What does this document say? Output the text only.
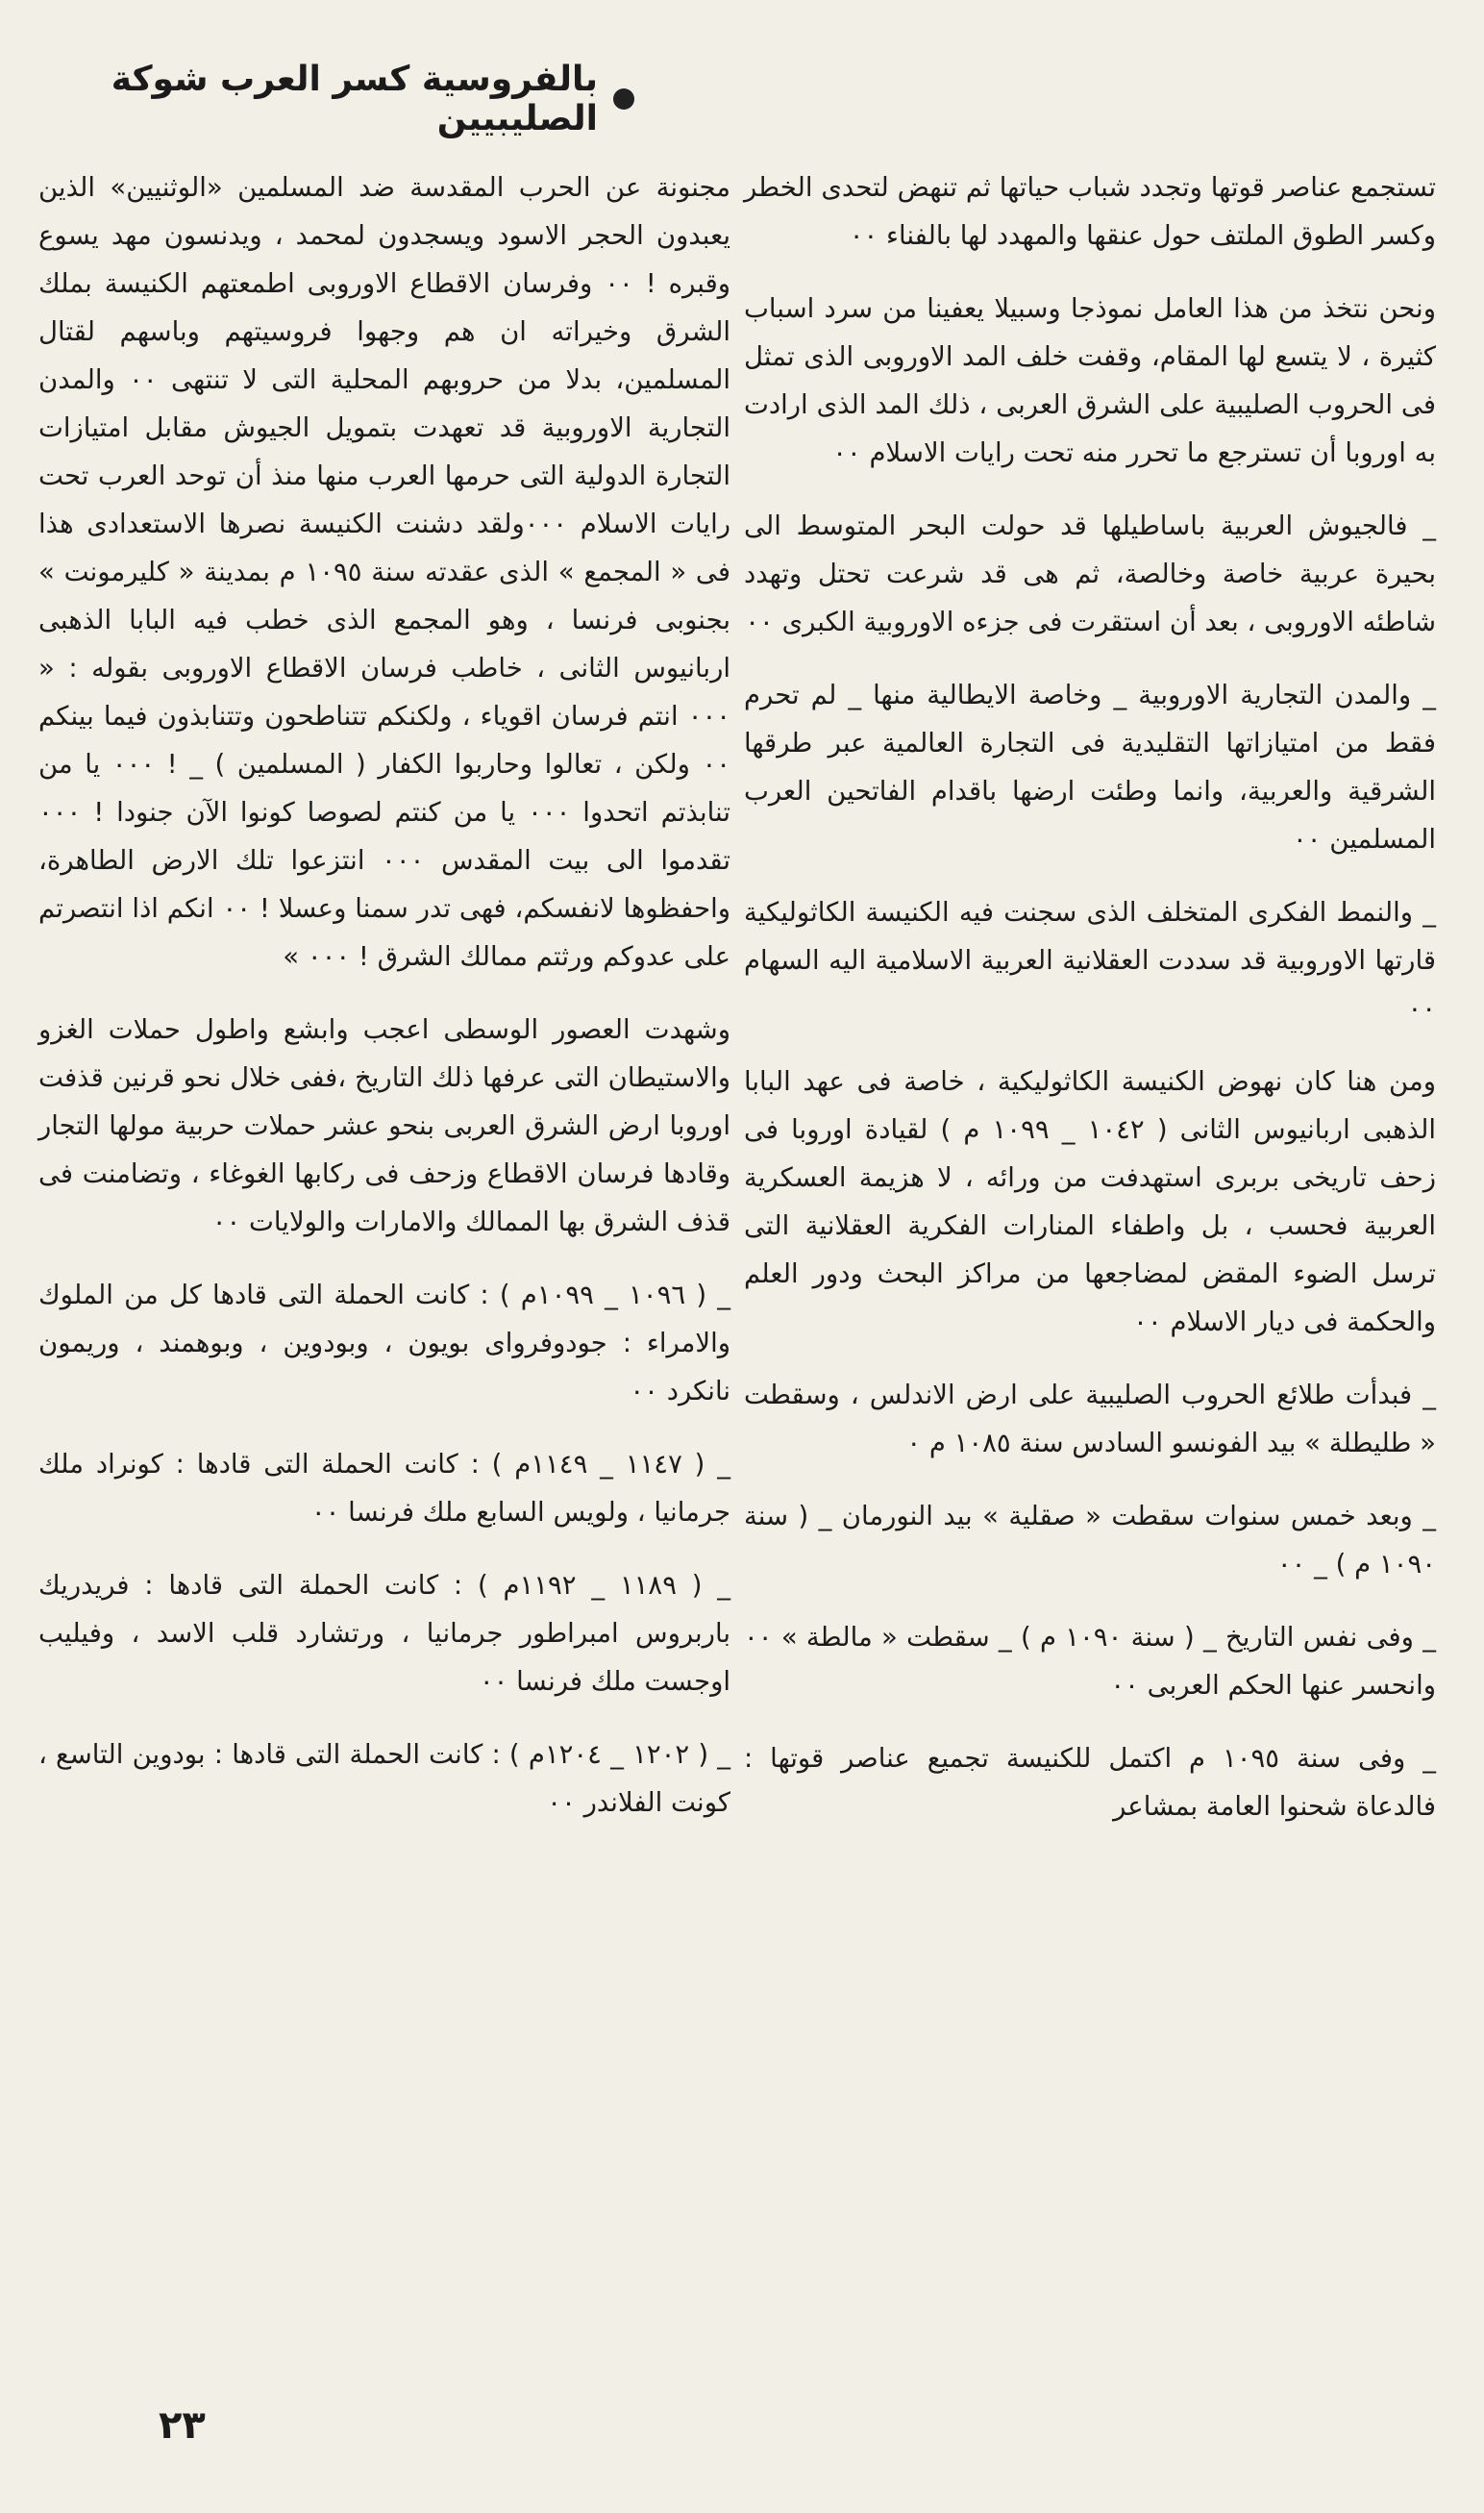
بالفروسية كسر العرب شوكة الصليبيين

تستجمع عناصر قوتها وتجدد شباب حياتها ثم تنهض لتحدى الخطر وكسر الطوق الملتف حول عنقها والمهدد لها بالفناء ٠٠

ونحن نتخذ من هذا العامل نموذجا وسبيلا يعفينا من سرد اسباب كثيرة ، لا يتسع لها المقام، وقفت خلف المد الاوروبى الذى تمثل فى الحروب الصليبية على الشرق العربى ، ذلك المد الذى ارادت به اوروبا أن تسترجع ما تحرر منه تحت رايات الاسلام ٠٠

_ فالجيوش العربية باساطيلها قد حولت البحر المتوسط الى بحيرة عربية خاصة وخالصة، ثم هى قد شرعت تحتل وتهدد شاطئه الاوروبى ، بعد أن استقرت فى جزءه الاوروبية الكبرى ٠٠

_ والمدن التجارية الاوروبية _ وخاصة الايطالية منها _ لم تحرم فقط من امتيازاتها التقليدية فى التجارة العالمية عبر طرقها الشرقية والعربية، وانما وطئت ارضها باقدام الفاتحين العرب المسلمين ٠٠

_ والنمط الفكرى المتخلف الذى سجنت فيه الكنيسة الكاثوليكية قارتها الاوروبية قد سددت العقلانية العربية الاسلامية اليه السهام ٠٠

ومن هنا كان نهوض الكنيسة الكاثوليكية ، خاصة فى عهد البابا الذهبى اربانيوس الثانى ( ١٠٤٢ _ ١٠٩٩ م ) لقيادة اوروبا فى زحف تاريخى بربرى استهدفت من ورائه ، لا هزيمة العسكرية العربية فحسب ، بل واطفاء المنارات الفكرية العقلانية التى ترسل الضوء المقض لمضاجعها من مراكز البحث ودور العلم والحكمة فى ديار الاسلام ٠٠

_ فبدأت طلائع الحروب الصليبية على ارض الاندلس ، وسقطت « طليطلة » بيد الفونسو السادس سنة ١٠٨٥ م ٠

_ وبعد خمس سنوات سقطت « صقلية » بيد النورمان _ ( سنة ١٠٩٠ م ) _ ٠٠

_ وفى نفس التاريخ _ ( سنة ١٠٩٠ م ) _ سقطت « مالطة » ٠٠ وانحسر عنها الحكم العربى ٠٠

_ وفى سنة ١٠٩٥ م اكتمل للكنيسة تجميع عناصر قوتها : فالدعاة شحنوا العامة بمشاعر

مجنونة عن الحرب المقدسة ضد المسلمين «الوثنيين» الذين يعبدون الحجر الاسود ويسجدون لمحمد ، ويدنسون مهد يسوع وقبره ! ٠٠ وفرسان الاقطاع الاوروبى اطمعتهم الكنيسة بملك الشرق وخيراته ان هم وجهوا فروسيتهم وباسهم لقتال المسلمين، بدلا من حروبهم المحلية التى لا تنتهى ٠٠ والمدن التجارية الاوروبية قد تعهدت بتمويل الجيوش مقابل امتيازات التجارة الدولية التى حرمها العرب منها منذ أن توحد العرب تحت رايات الاسلام ٠٠٠ولقد دشنت الكنيسة نصرها الاستعدادى هذا فى « المجمع » الذى عقدته سنة ١٠٩٥ م بمدينة « كليرمونت » بجنوبى فرنسا ، وهو المجمع الذى خطب فيه البابا الذهبى اربانيوس الثانى ، خاطب فرسان الاقطاع الاوروبى بقوله : « ٠٠٠ انتم فرسان اقوياء ، ولكنكم تتناطحون وتتنابذون فيما بينكم ٠٠ ولكن ، تعالوا وحاربوا الكفار ( المسلمين ) _ ! ٠٠٠ يا من تنابذتم اتحدوا ٠٠٠ يا من كنتم لصوصا كونوا الآن جنودا ! ٠٠٠ تقدموا الى بيت المقدس ٠٠٠ انتزعوا تلك الارض الطاهرة، واحفظوها لانفسكم، فهى تدر سمنا وعسلا ! ٠٠ انكم اذا انتصرتم على عدوكم ورثتم ممالك الشرق ! ٠٠٠ »

وشهدت العصور الوسطى اعجب وابشع واطول حملات الغزو والاستيطان التى عرفها ذلك التاريخ ،ففى خلال نحو قرنين قذفت اوروبا ارض الشرق العربى بنحو عشر حملات حربية مولها التجار وقادها فرسان الاقطاع وزحف فى ركابها الغوغاء ، وتضامنت فى قذف الشرق بها الممالك والامارات والولايات ٠٠

_ ( ١٠٩٦ _ ١٠٩٩م ) : كانت الحملة التى قادها كل من الملوك والامراء : جودوفرواى بويون ، وبودوين ، وبوهمند ، وريمون نانكرد ٠٠

_ ( ١١٤٧ _ ١١٤٩م ) : كانت الحملة التى قادها : كونراد ملك جرمانيا ، ولويس السابع ملك فرنسا ٠٠

_ ( ١١٨٩ _ ١١٩٢م ) : كانت الحملة التى قادها : فريدريك باربروس امبراطور جرمانيا ، ورتشارد قلب الاسد ، وفيليب اوجست ملك فرنسا ٠٠

_ ( ١٢٠٢ _ ١٢٠٤م ) : كانت الحملة التى قادها : بودوين التاسع ، كونت الفلاندر ٠٠

٢٣
